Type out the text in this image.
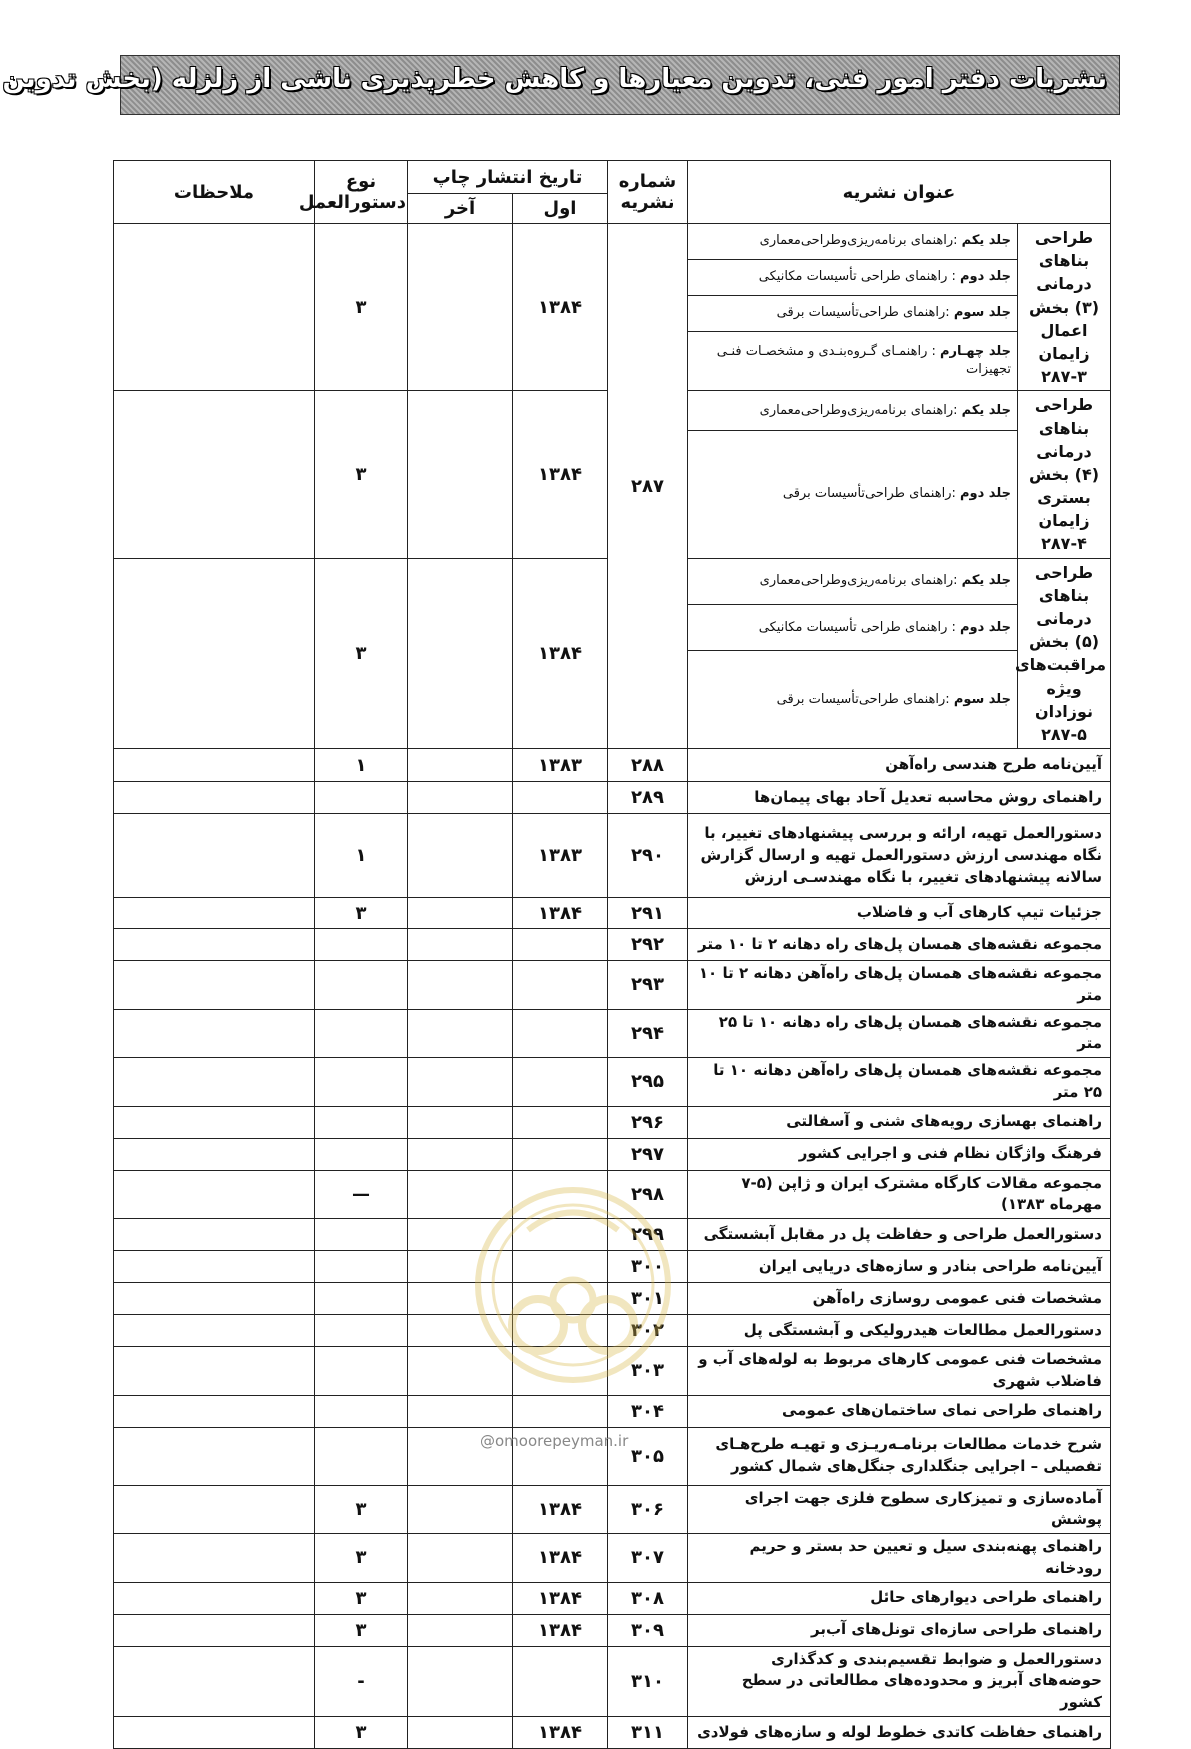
نشریات دفتر امور فنی، تدوین معیارها و کاهش خطرپذیری ناشی از زلزله (بخش تدوین
عنوان نشریه		شماره نشریه	تاریخ انتشار چاپ		نوع دستورالعمل	ملاحظات
			اول	آخر		
طراحی بناهای درمانی (۳) بخش اعمال زایمان ۳-۲۸۷	جلد یکم :راهنمای برنامه‌ریزی‌وطراحی‌معماری	۲۸۷	۱۳۸۴		۳	
	جلد دوم : راهنمای طراحی تأسیسات مکانیکی					
	جلد سوم :راهنمای طراحی‌تأسیسات برقی					
	جلد چهـارم : راهنمـای گـروه‌بنـدی و مشخصـات فنـی تجهیزات					
طراحی بناهای درمانی (۴) بخش بستری زایمان ۴-۲۸۷	جلد یکم :راهنمای برنامه‌ریزی‌وطراحی‌معماری		۱۳۸۴		۳	
	جلد دوم :راهنمای طراحی‌تأسیسات برقی					
طراحی بناهای درمانی (۵) بخش مراقبت‌های ویژه نوزادان ۵-۲۸۷	جلد یکم :راهنمای برنامه‌ریزی‌وطراحی‌معماری		۱۳۸۴		۳	
	جلد دوم : راهنمای طراحی تأسیسات مکانیکی					
	جلد سوم :راهنمای طراحی‌تأسیسات برقی					
آیین‌نامه طرح هندسی راه‌آهن		۲۸۸	۱۳۸۳		۱	
راهنمای روش محاسبه تعدیل آحاد بهای پیمان‌ها		۲۸۹				
دستورالعمل تهیه، ارائه و بررسی پیشنهادهای تغییر، با نگاه مهندسی ارزش دستورالعمل تهیه و ارسال گزارش سالانه پیشنهادهای تغییر، با نگاه مهندسـی ارزش		۲۹۰	۱۳۸۳		۱	
جزئیات تیپ کارهای آب و فاضلاب		۲۹۱	۱۳۸۴		۳	
مجموعه نقشه‌های همسان پل‌های راه دهانه ۲ تا ۱۰ متر		۲۹۲				
مجموعه نقشه‌های همسان پل‌های راه‌آهن دهانه ۲ تا ۱۰ متر		۲۹۳				
مجموعه نقشه‌های همسان پل‌های راه دهانه ۱۰ تا ۲۵ متر		۲۹۴				
مجموعه نقشه‌های همسان پل‌های راه‌آهن دهانه ۱۰ تا ۲۵ متر		۲۹۵				
راهنمای بهسازی رویه‌های شنی و آسفالتی		۲۹۶				
فرهنگ واژگان نظام فنی و اجرایی کشور		۲۹۷				
مجموعه مقالات کارگاه مشترک ایران و ژاپن (۵-۷ مهرماه ۱۳۸۳)		۲۹۸			—	
دستورالعمل طراحی و حفاظت پل در مقابل آبشستگی		۲۹۹				
آیین‌نامه طراحی بنادر و سازه‌های دریایی ایران		۳۰۰				
مشخصات فنی عمومی روسازی راه‌آهن		۳۰۱				
دستورالعمل مطالعات هیدرولیکی و آبشستگی پل		۳۰۲				
مشخصات فنی عمومی کارهای مربوط به لوله‌های آب و فاضلاب شهری		۳۰۳				
راهنمای طراحی نمای ساختمان‌های عمومی		۳۰۴				
شرح خدمات مطالعات برنامـه‌ریـزی و تهیـه طرح‌هـای تفصیلی – اجرایی جنگلداری جنگل‌های شمال کشور		۳۰۵				
آماده‌سازی و تمیزکاری سطوح فلزی جهت اجرای پوشش		۳۰۶	۱۳۸۴		۳	
راهنمای پهنه‌بندی سیل و تعیین حد بستر و حریم رودخانه		۳۰۷	۱۳۸۴		۳	
راهنمای طراحی دیوارهای حائل		۳۰۸	۱۳۸۴		۳	
راهنمای طراحی سازه‌ای تونل‌های آب‌بر		۳۰۹	۱۳۸۴		۳	
دستورالعمل و ضوابط تقسیم‌بندی و کدگذاری حوضه‌های آبریز و محدوده‌های مطالعاتی در سطح کشور		۳۱۰			-	
راهنمای حفاظت کاتدی خطوط لوله و سازه‌های فولادی		۳۱۱	۱۳۸۴		۳	
@omoorepeyman.ir
